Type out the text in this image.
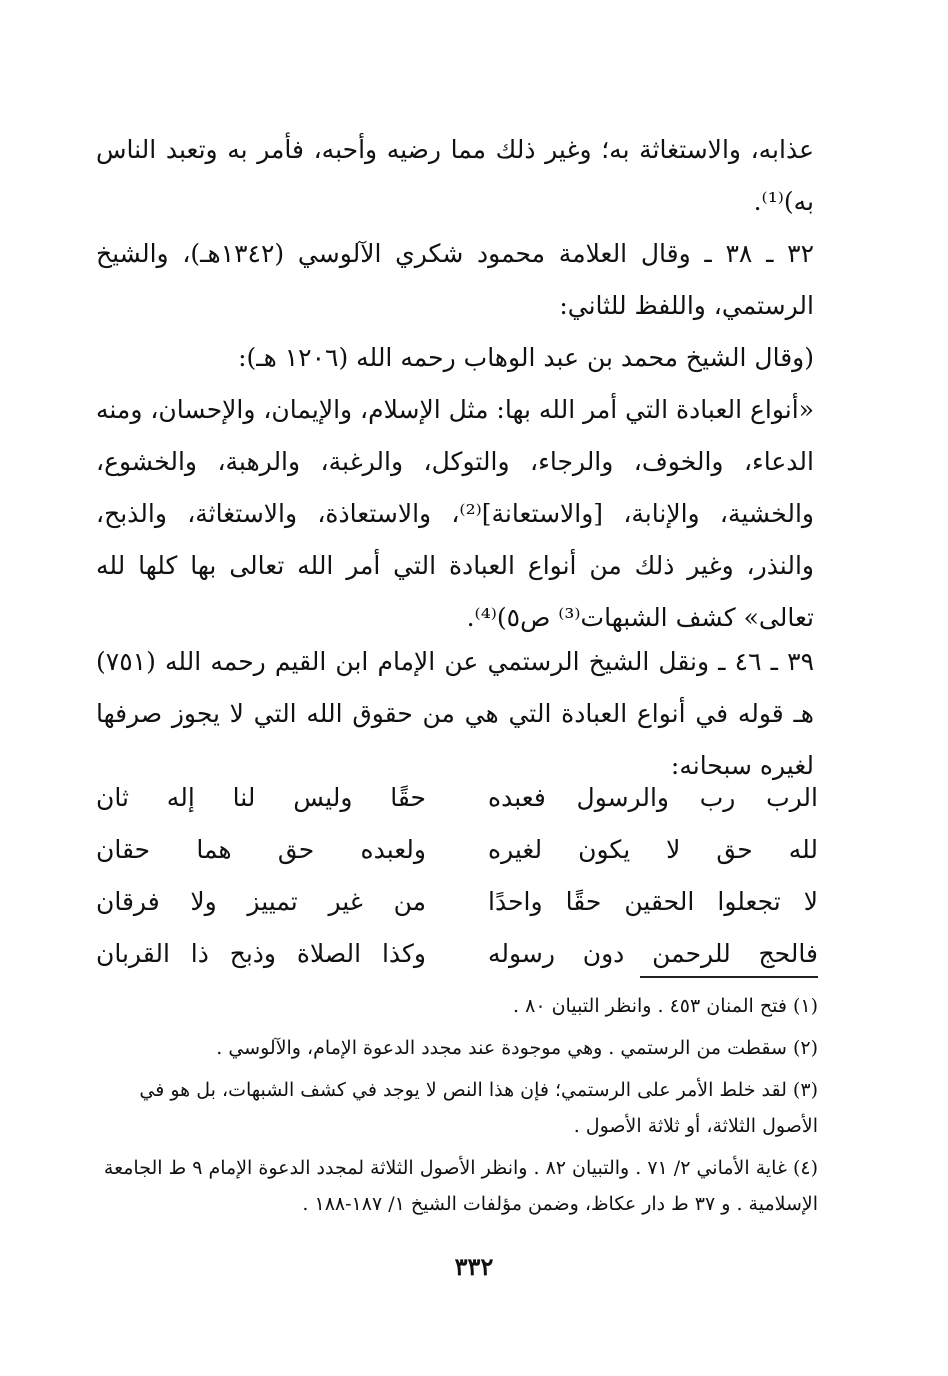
عذابه، والاستغاثة به؛ وغير ذلك مما رضيه وأحبه، فأمر به وتعبد الناس به)⁽¹⁾.

٣٢ ـ ٣٨ ـ وقال العلامة محمود شكري الآلوسي (١٣٤٢هـ)، والشيخ الرستمي، واللفظ للثاني:

(وقال الشيخ محمد بن عبد الوهاب رحمه الله (١٢٠٦ هـ):

«أنواع العبادة التي أمر الله بها: مثل الإسلام، والإيمان، والإحسان، ومنه الدعاء، والخوف، والرجاء، والتوكل، والرغبة، والرهبة، والخشوع، والخشية، والإنابة، [والاستعانة]⁽²⁾، والاستعاذة، والاستغاثة، والذبح، والنذر، وغير ذلك من أنواع العبادة التي أمر الله تعالى بها كلها لله تعالى» كشف الشبهات⁽³⁾ ص٥)⁽⁴⁾.

٣٩ ـ ٤٦ ـ ونقل الشيخ الرستمي عن الإمام ابن القيم رحمه الله (٧٥١) هـ قوله في أنواع العبادة التي هي من حقوق الله التي لا يجوز صرفها لغيره سبحانه:

الرب رب والرسول فعبده
حقًا وليس لنا إله ثان
لله حق لا يكون لغيره
ولعبده حق هما حقان
لا تجعلوا الحقين حقًا واحدًا
من غير تمييز ولا فرقان
فالحج للرحمن دون رسوله
وكذا الصلاة وذبح ذا القربان

(١) فتح المنان ٤٥٣ . وانظر التبيان ٨٠ .

(٢) سقطت من الرستمي . وهي موجودة عند مجدد الدعوة الإمام، والآلوسي .

(٣) لقد خلط الأمر على الرستمي؛ فإن هذا النص لا يوجد في كشف الشبهات، بل هو في الأصول الثلاثة، أو ثلاثة الأصول .

(٤) غاية الأماني ٢/ ٧١ . والتبيان ٨٢ . وانظر الأصول الثلاثة لمجدد الدعوة الإمام ٩ ط الجامعة الإسلامية . و ٣٧ ط دار عكاظ، وضمن مؤلفات الشيخ ١/ ١٨٧-١٨٨ .

٣٣٢
